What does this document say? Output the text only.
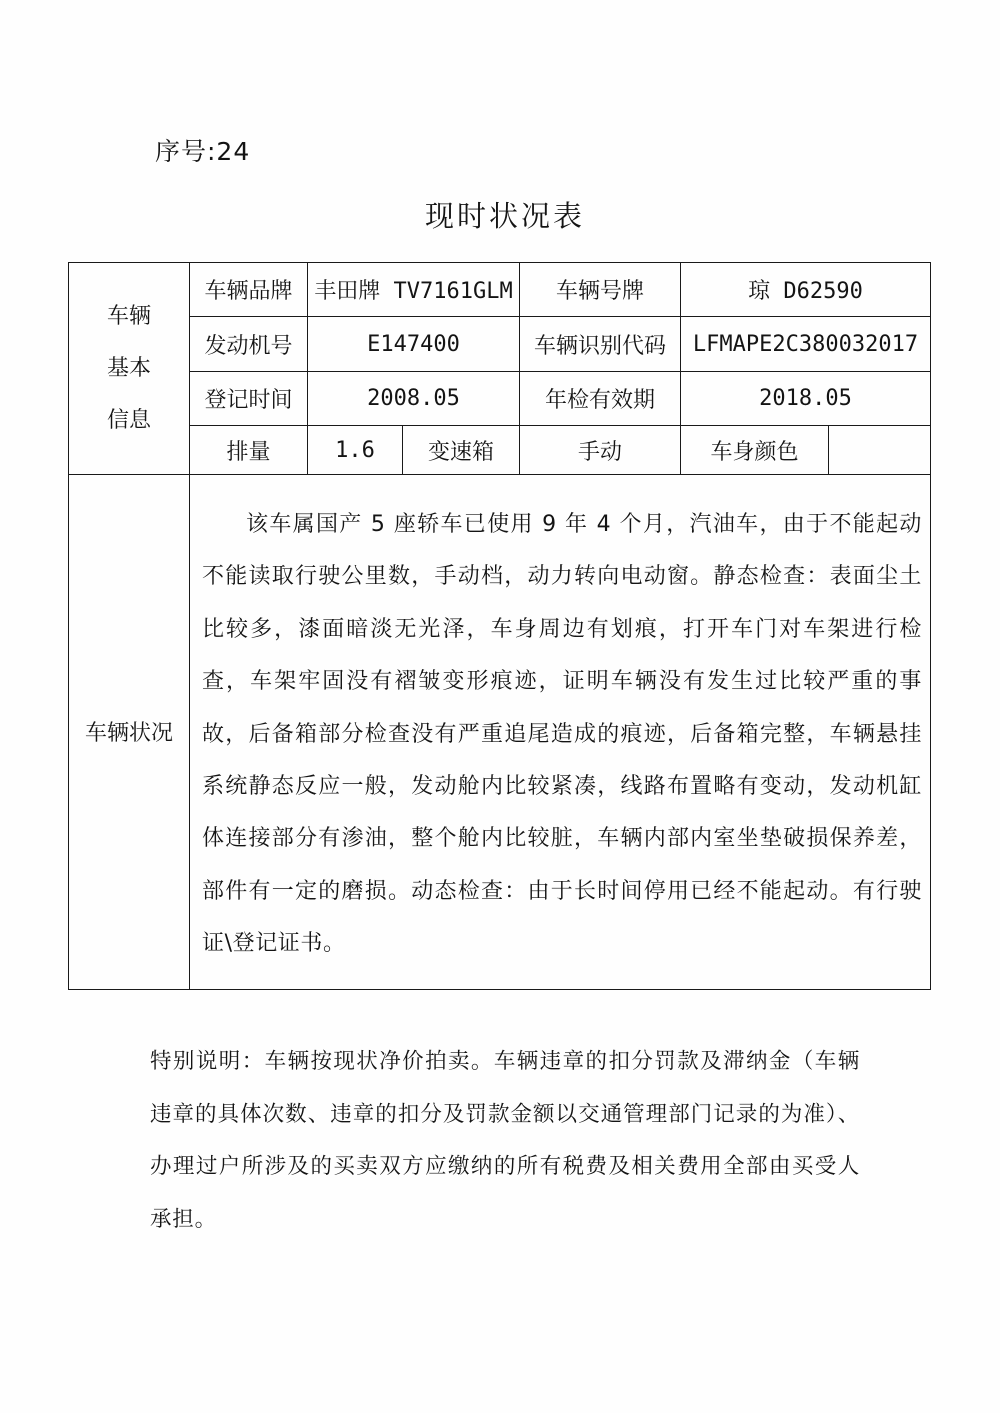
序号:24
现时状况表
车辆
基本
信息	车辆品牌	丰田牌 TV7161GLM		车辆号牌	琼 D62590	
	发动机号	E147400		车辆识别代码	LFMAPE2C380032017	
	登记时间	2008.05		年检有效期	2018.05	
	排量	1.6	变速箱	手动	车身颜色	
车辆状况	该车属国产 5 座轿车已使用 9 年 4 个月，汽油车，由于不能起动不能读取行驶公里数，手动档，动力转向电动窗。静态检查：表面尘土比较多，漆面暗淡无光泽，车身周边有划痕，打开车门对车架进行检查，车架牢固没有褶皱变形痕迹，证明车辆没有发生过比较严重的事故，后备箱部分检查没有严重追尾造成的痕迹，后备箱完整，车辆悬挂系统静态反应一般，发动舱内比较紧凑，线路布置略有变动，发动机缸体连接部分有渗油，整个舱内比较脏，车辆内部内室坐垫破损保养差，部件有一定的磨损。动态检查：由于长时间停用已经不能起动。有行驶证\登记证书。					

特别说明：车辆按现状净价拍卖。车辆违章的扣分罚款及滞纳金（车辆违章的具体次数、违章的扣分及罚款金额以交通管理部门记录的为准）、办理过户所涉及的买卖双方应缴纳的所有税费及相关费用全部由买受人承担。
